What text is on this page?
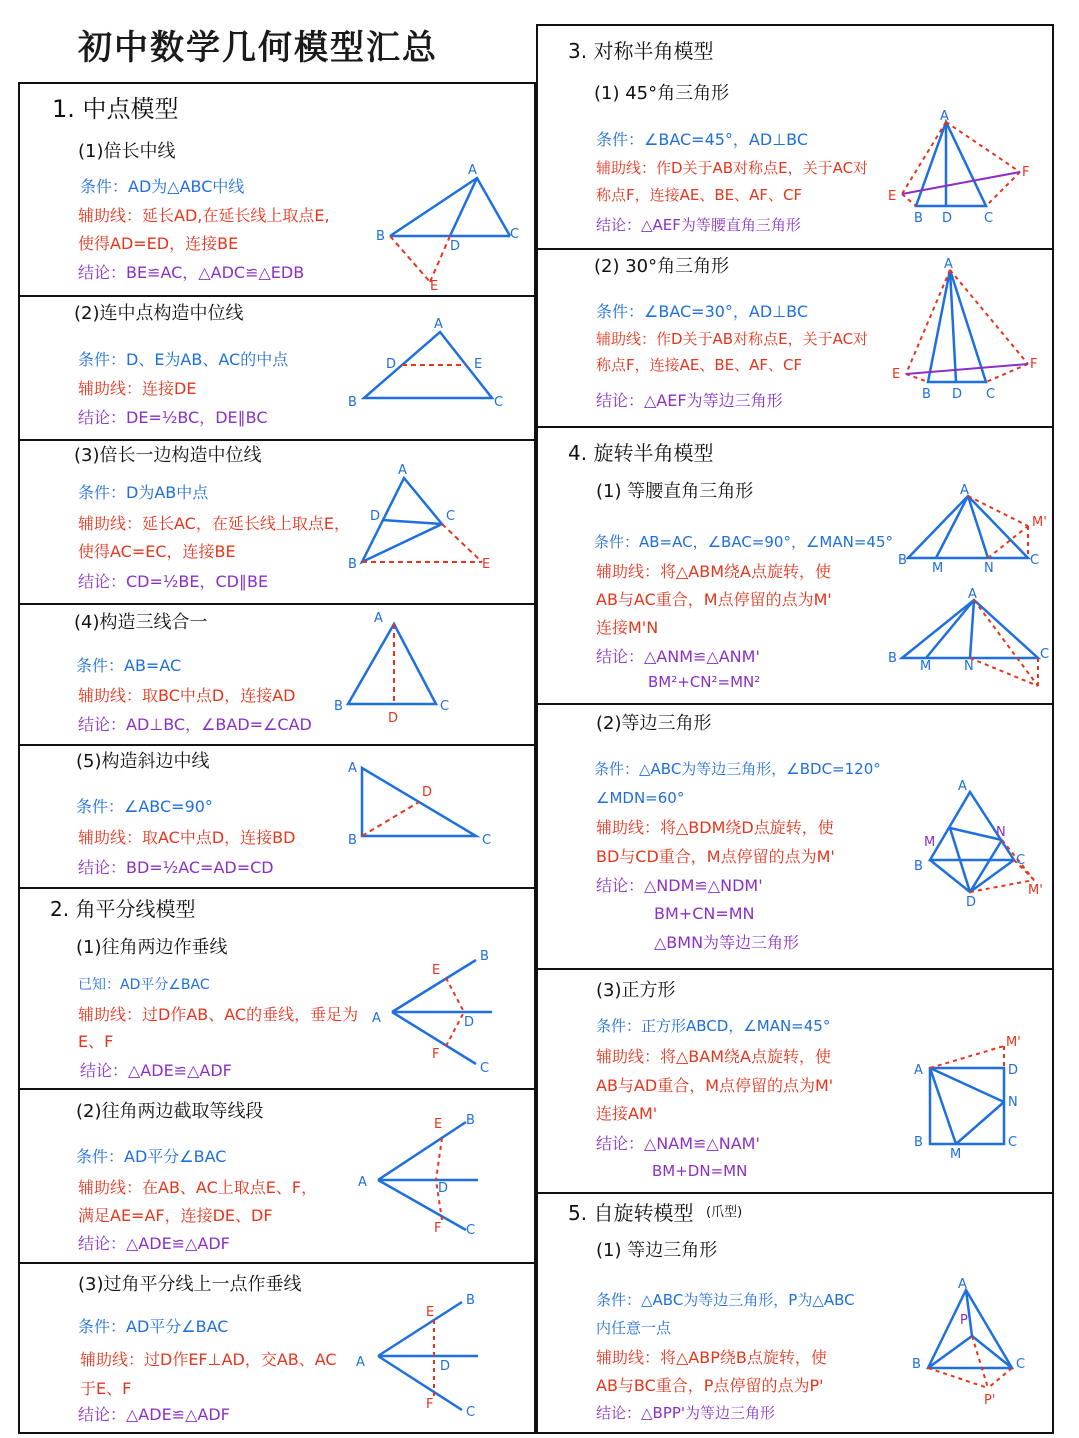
初中数学几何模型汇总
1. 中点模型
(1)倍长中线
条件：AD为△ABC中线
辅助线：延长AD,在延长线上取点E,
使得AD=ED，连接BE
结论：BE≌AC，△ADC≌△EDB
(2)连中点构造中位线
条件：D、E为AB、AC的中点
辅助线：连接DE
结论：DE=½BC，DE∥BC
(3)倍长一边构造中位线
条件：D为AB中点
辅助线：延长AC，在延长线上取点E，
使得AC=EC，连接BE
结论：CD=½BE，CD∥BE
(4)构造三线合一
条件：AB=AC
辅助线：取BC中点D，连接AD
结论：AD⊥BC，∠BAD=∠CAD
(5)构造斜边中线
条件：∠ABC=90°
辅助线：取AC中点D，连接BD
结论：BD=½AC=AD=CD
2. 角平分线模型
(1)往角两边作垂线
已知：AD平分∠BAC
辅助线：过D作AB、AC的垂线，垂足为
E、F
结论：△ADE≌△ADF
(2)往角两边截取等线段
条件：AD平分∠BAC
辅助线：在AB、AC上取点E、F，
满足AE=AF，连接DE、DF
结论：△ADE≌△ADF
(3)过角平分线上一点作垂线
条件：AD平分∠BAC
辅助线：过D作EF⊥AD，交AB、AC
于E、F
结论：△ADE≌△ADF
3. 对称半角模型
(1) 45°角三角形
条件：∠BAC=45°，AD⊥BC
辅助线：作D关于AB对称点E，关于AC对
称点F，连接AE、BE、AF、CF
结论：△AEF为等腰直角三角形
(2) 30°角三角形
条件：∠BAC=30°，AD⊥BC
辅助线：作D关于AB对称点E，关于AC对
称点F，连接AE、BE、AF、CF
结论：△AEF为等边三角形
4. 旋转半角模型
(1) 等腰直角三角形
条件：AB=AC，∠BAC=90°，∠MAN=45°
辅助线：将△ABM绕A点旋转，使
AB与AC重合，M点停留的点为M'
连接M'N
结论：△ANM≌△ANM'
BM²+CN²=MN²
(2)等边三角形
条件：△ABC为等边三角形，∠BDC=120°
∠MDN=60°
辅助线：将△BDM绕D点旋转，使
BD与CD重合，M点停留的点为M'
结论：△NDM≌△NDM'
BM+CN=MN
△BMN为等边三角形
(3)正方形
条件：正方形ABCD，∠MAN=45°
辅助线：将△BAM绕A点旋转，使
AB与AD重合，M点停留的点为M'
连接AM'
结论：△NAM≌△NAM'
BM+DN=MN
5. 自旋转模型 (爪型)
(1) 等边三角形
条件：△ABC为等边三角形，P为△ABC
内任意一点
辅助线：将△ABP绕B点旋转，使
AB与BC重合，P点停留的点为P'
结论：△BPP'为等边三角形
A
B	C
D
E
A
B	C
D	E
A
B
C
D
E
A
B	C
D
A
B	C
D
A
B
C
D
E
F
A
B
C
D
E
F
A
B
C
D
E
F
A
B D C
E
F
A
B D C
E
F
A
B	C
M	N
M'
A
B	C
M	N
A
B	C
D
M
N
M'
A
B	C
D
M
N
M'
A
B	C
P
P'
